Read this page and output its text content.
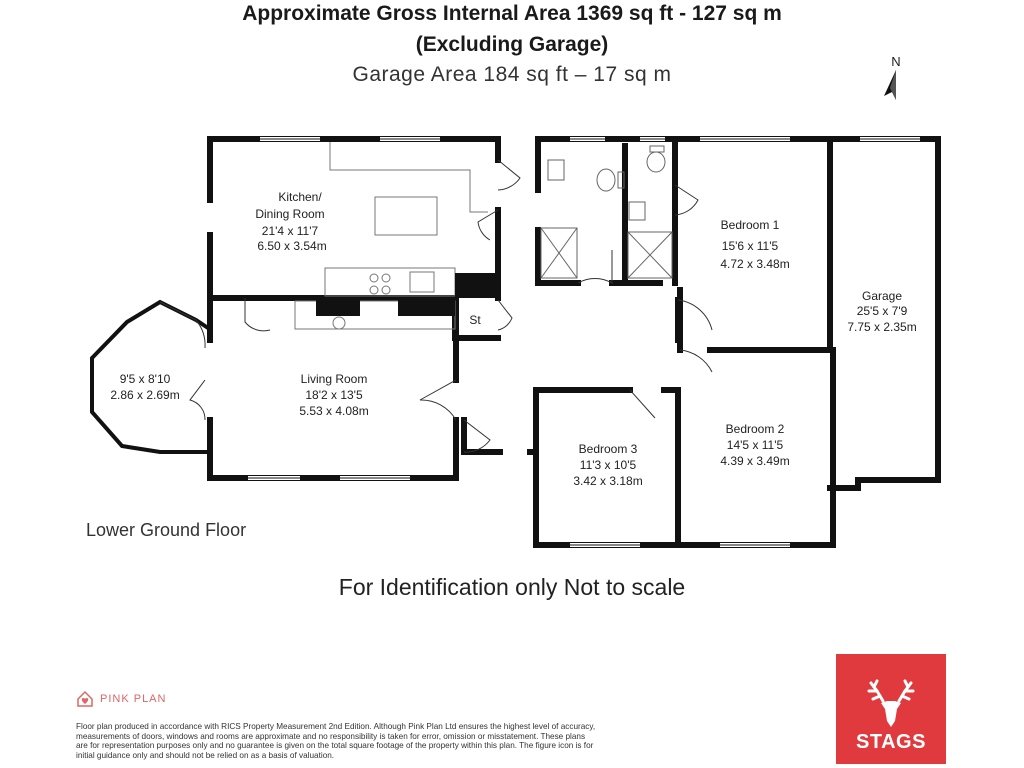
Approximate Gross Internal Area 1369 sq ft - 127 sq m
(Excluding Garage)
Garage Area 184 sq ft – 17 sq m
N
Kitchen/
Dining Room
21'4 x 11'7
6.50 x 3.54m
9'5 x 8'10
2.86 x 2.69m
Living Room
18'2 x 13'5
5.53 x 4.08m
St
Bedroom 1
15'6 x 11'5
4.72 x 3.48m
Garage
25'5 x 7'9
7.75 x 2.35m
Bedroom 2
14'5 x 11'5
4.39 x 3.49m
Bedroom 3
11'3 x 10'5
3.42 x 3.18m
Lower Ground Floor
For Identification only Not to scale
PINK PLAN
Floor plan produced in accordance with RICS Property Measurement 2nd Edition. Although Pink Plan Ltd ensures the highest level of accuracy, measurements of doors, windows and rooms are approximate and no responsibility is taken for error, omission or misstatement. These plans are for representation purposes only and no guarantee is given on the total square footage of the property within this plan. The figure icon is for initial guidance only and should not be relied on as a basis of valuation.
STAGS
